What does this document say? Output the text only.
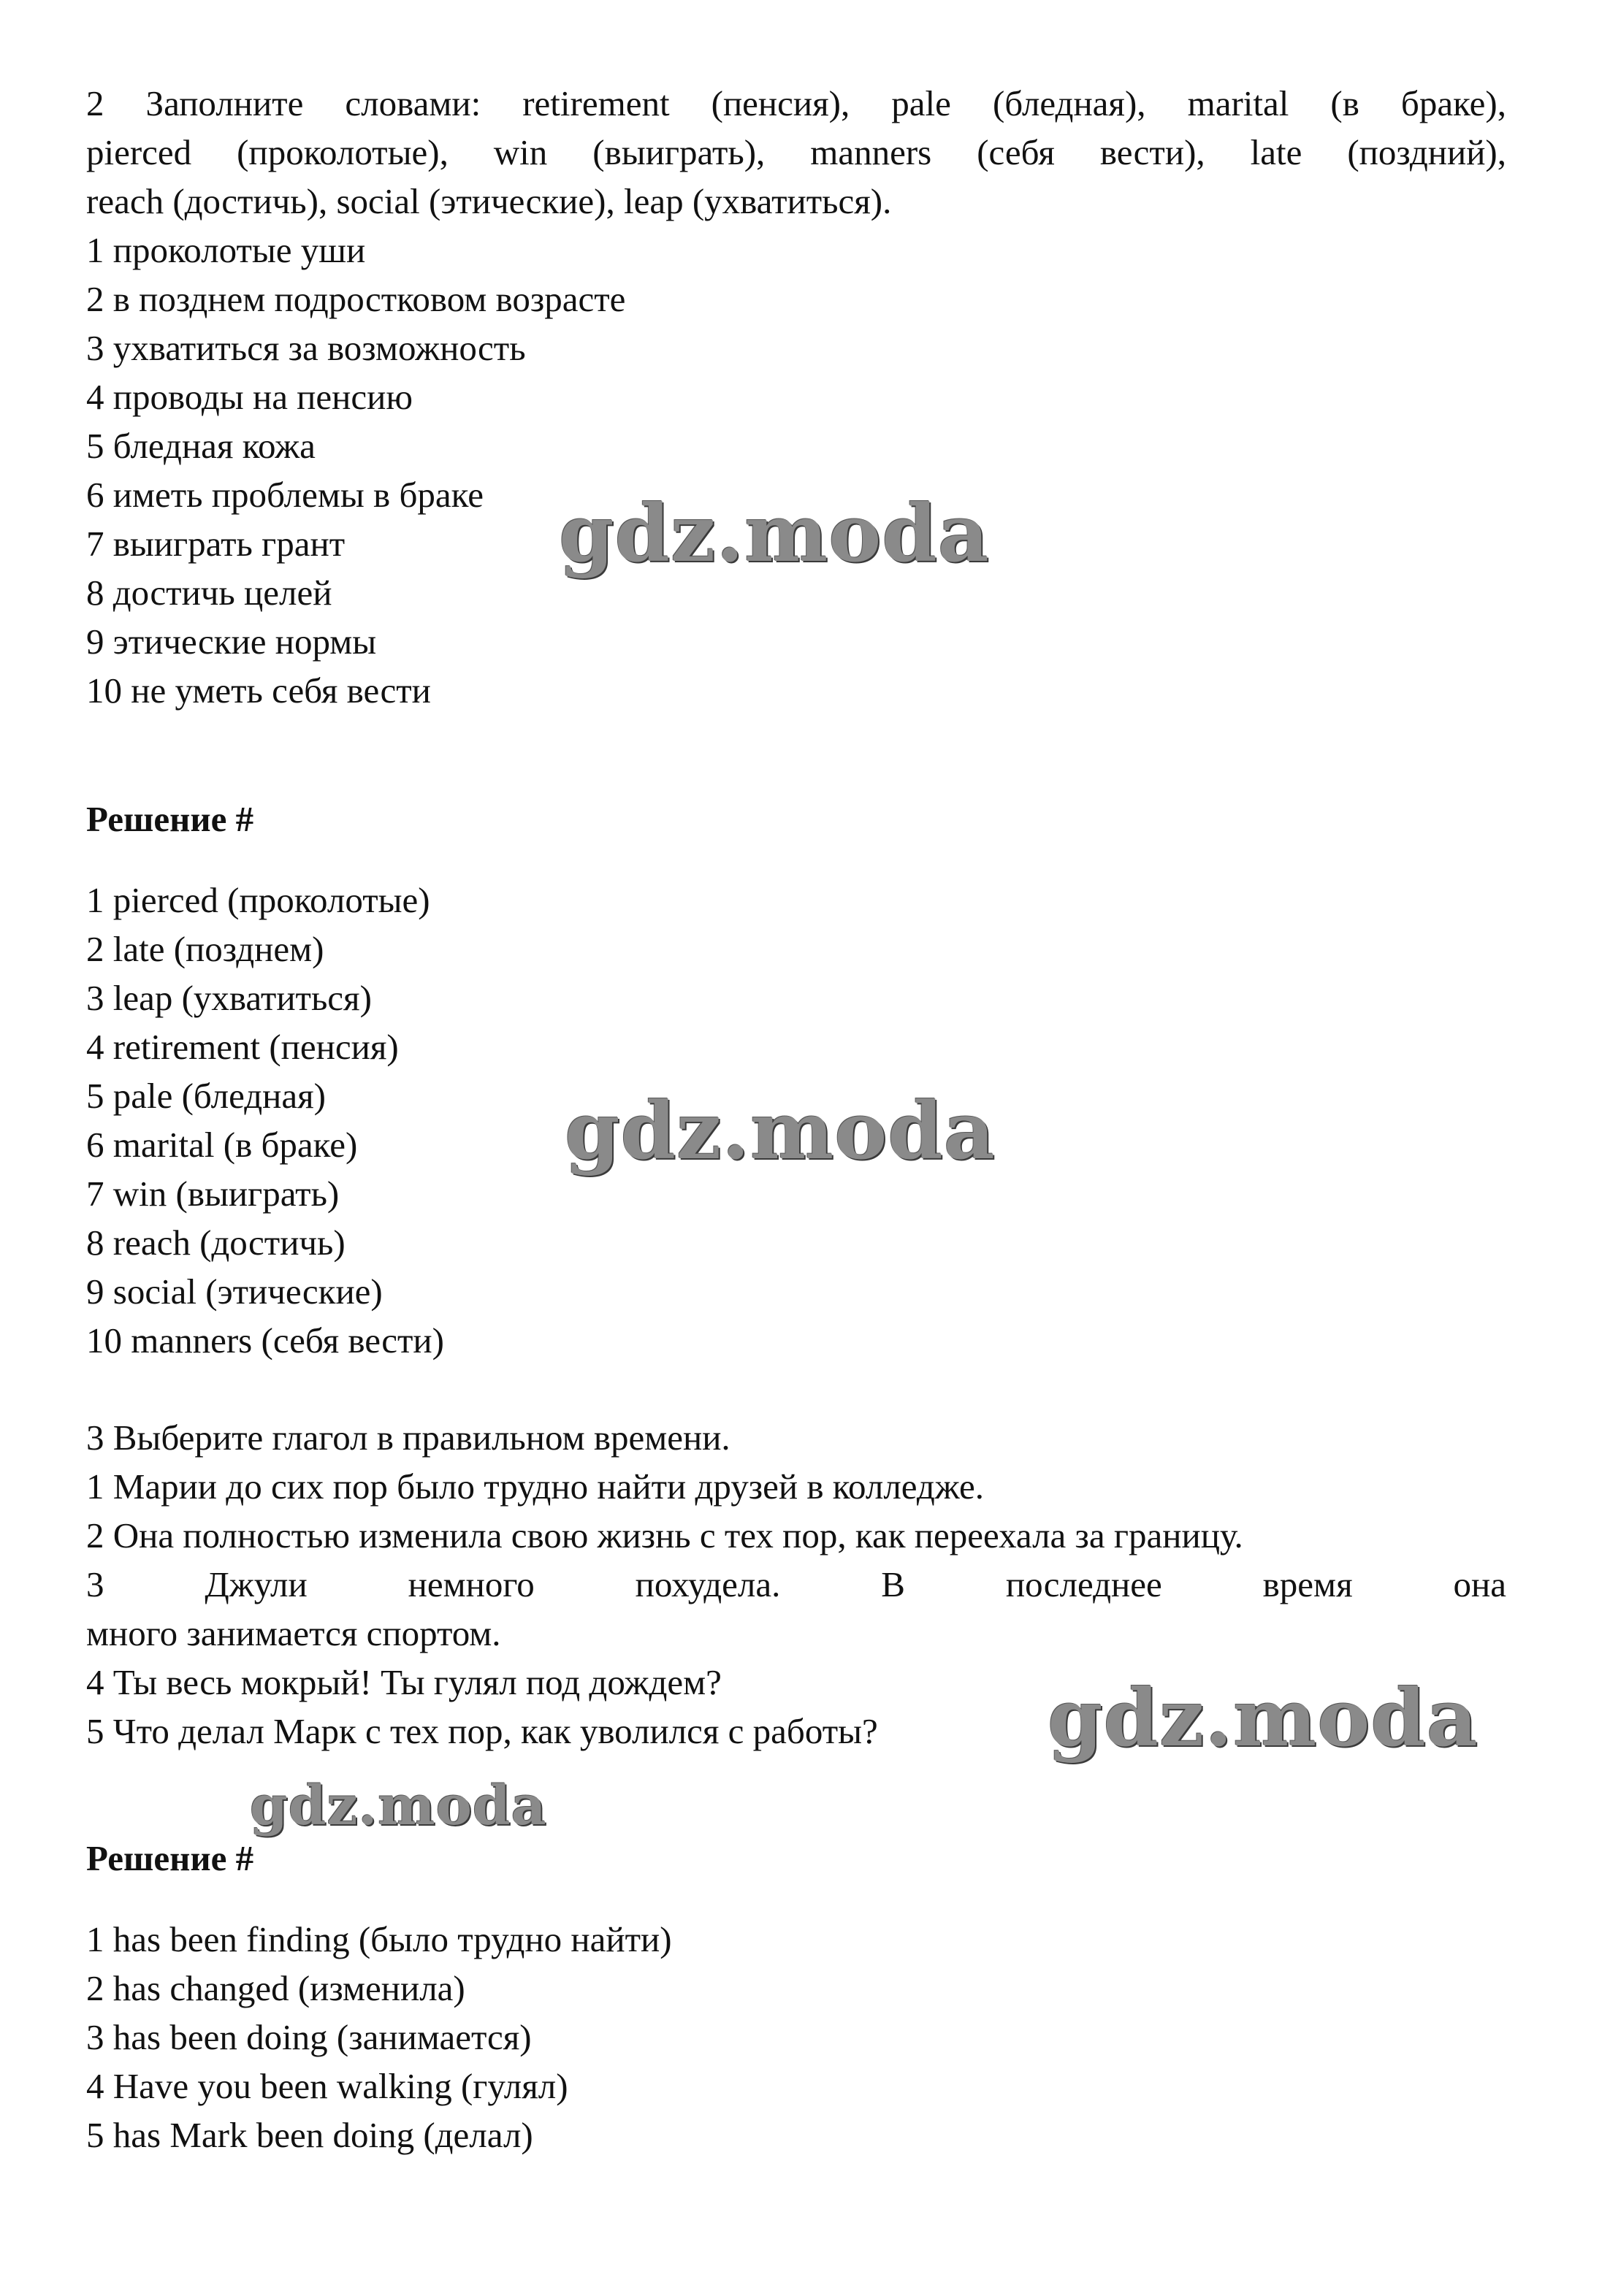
2 Заполните словами: retirement (пенсия), pale (бледная), marital (в браке),

pierced (проколотые), win (выиграть), manners (себя вести), late (поздний),

reach (достичь), social (этические), leap (ухватиться).

1 проколотые уши
2 в позднем подростковом возрасте
3 ухватиться за возможность
4 проводы на пенсию
5 бледная кожа
6 иметь проблемы в браке
7 выиграть грант
8 достичь целей
9 этические нормы
10 не уметь себя вести

Решение #

1 pierced (проколотые)
2 late (позднем)
3 leap (ухватиться)
4 retirement (пенсия)
5 pale (бледная)
6 marital (в браке)
7 win (выиграть)
8 reach (достичь)
9 social (этические)
10 manners (себя вести)
3 Выберите глагол в правильном времени.
1 Марии до сих пор было трудно найти друзей в колледже.
2 Она полностью изменила свою жизнь с тех пор, как переехала за границу.

3 Джули немного похудела. В последнее время она

много занимается спортом.
4 Ты весь мокрый! Ты гулял под дождем?
5 Что делал Марк с тех пор, как уволился с работы?

Решение #

1 has been finding (было трудно найти)
2 has changed (изменила)
3 has been doing (занимается)
4 Have you been walking (гулял)
5 has Mark been doing (делал)
gdz.moda
gdz.moda
gdz.moda
gdz.moda
